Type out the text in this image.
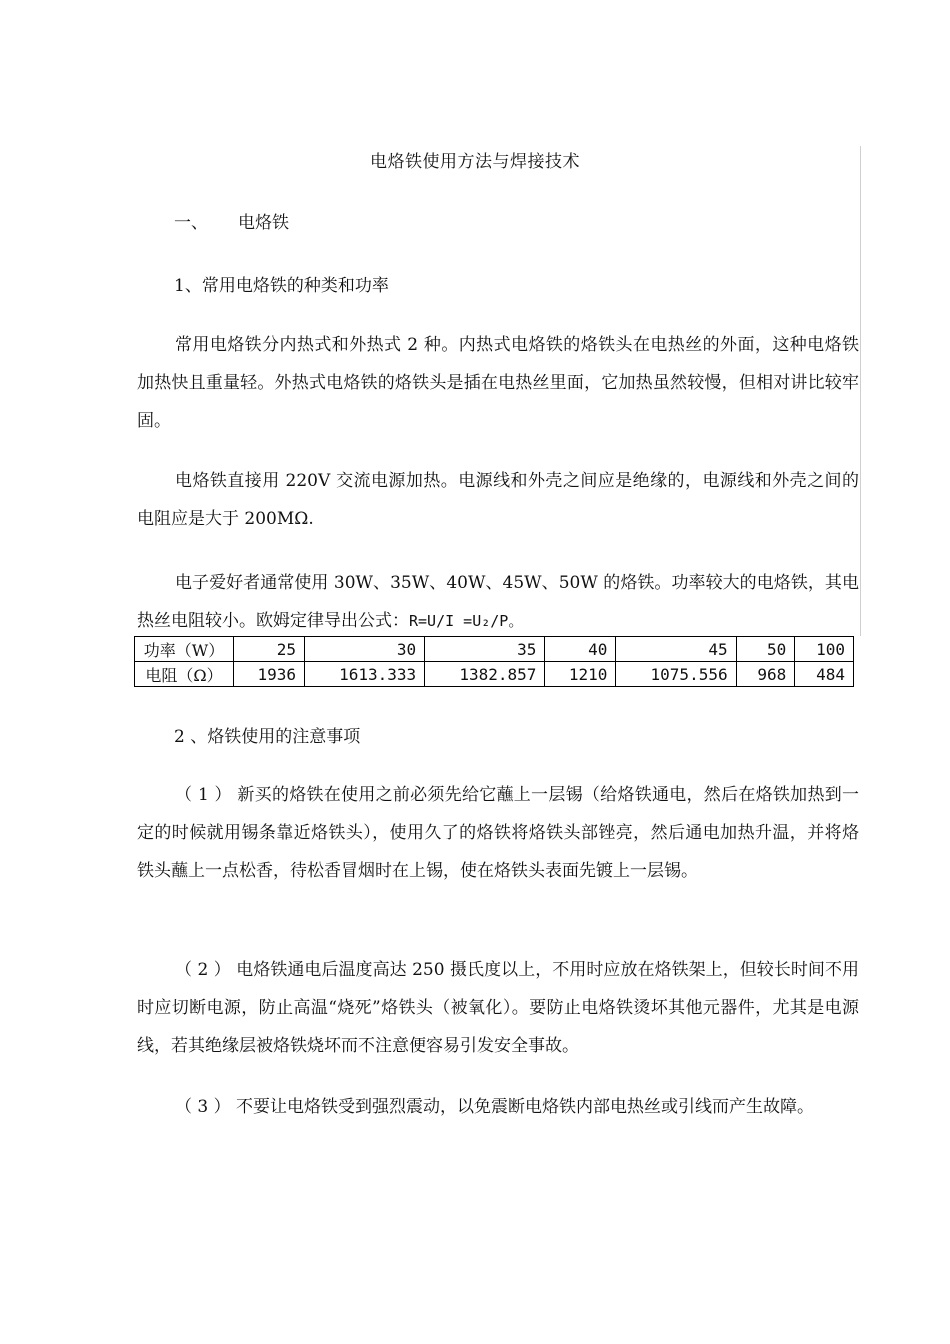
电烙铁使用方法与焊接技术
一、 电烙铁
1、常用电烙铁的种类和功率

常用电烙铁分内热式和外热式 2 种。内热式电烙铁的烙铁头在电热丝的外面，这种电烙铁加热快且重量轻。外热式电烙铁的烙铁头是插在电热丝里面，它加热虽然较慢，但相对讲比较牢固。

电烙铁直接用 220V 交流电源加热。电源线和外壳之间应是绝缘的，电源线和外壳之间的电阻应是大于 200MΩ.

电子爱好者通常使用 30W、35W、40W、45W、50W 的烙铁。功率较大的电烙铁，其电热丝电阻较小。欧姆定律导出公式：R=U/I =U₂/P。

功率（W）	25	30	35	40	45	50	100
电阻（Ω）	1936	1613.333	1382.857	1210	1075.556	968	484
2 、烙铁使用的注意事项

（ 1 ） 新买的烙铁在使用之前必须先给它蘸上一层锡（给烙铁通电，然后在烙铁加热到一定的时候就用锡条靠近烙铁头），使用久了的烙铁将烙铁头部锉亮，然后通电加热升温，并将烙铁头蘸上一点松香，待松香冒烟时在上锡，使在烙铁头表面先镀上一层锡。

（ 2 ） 电烙铁通电后温度高达 250 摄氏度以上，不用时应放在烙铁架上，但较长时间不用时应切断电源，防止高温“烧死”烙铁头（被氧化）。要防止电烙铁烫坏其他元器件，尤其是电源线，若其绝缘层被烙铁烧坏而不注意便容易引发安全事故。

（ 3 ） 不要让电烙铁受到强烈震动，以免震断电烙铁内部电热丝或引线而产生故障。
